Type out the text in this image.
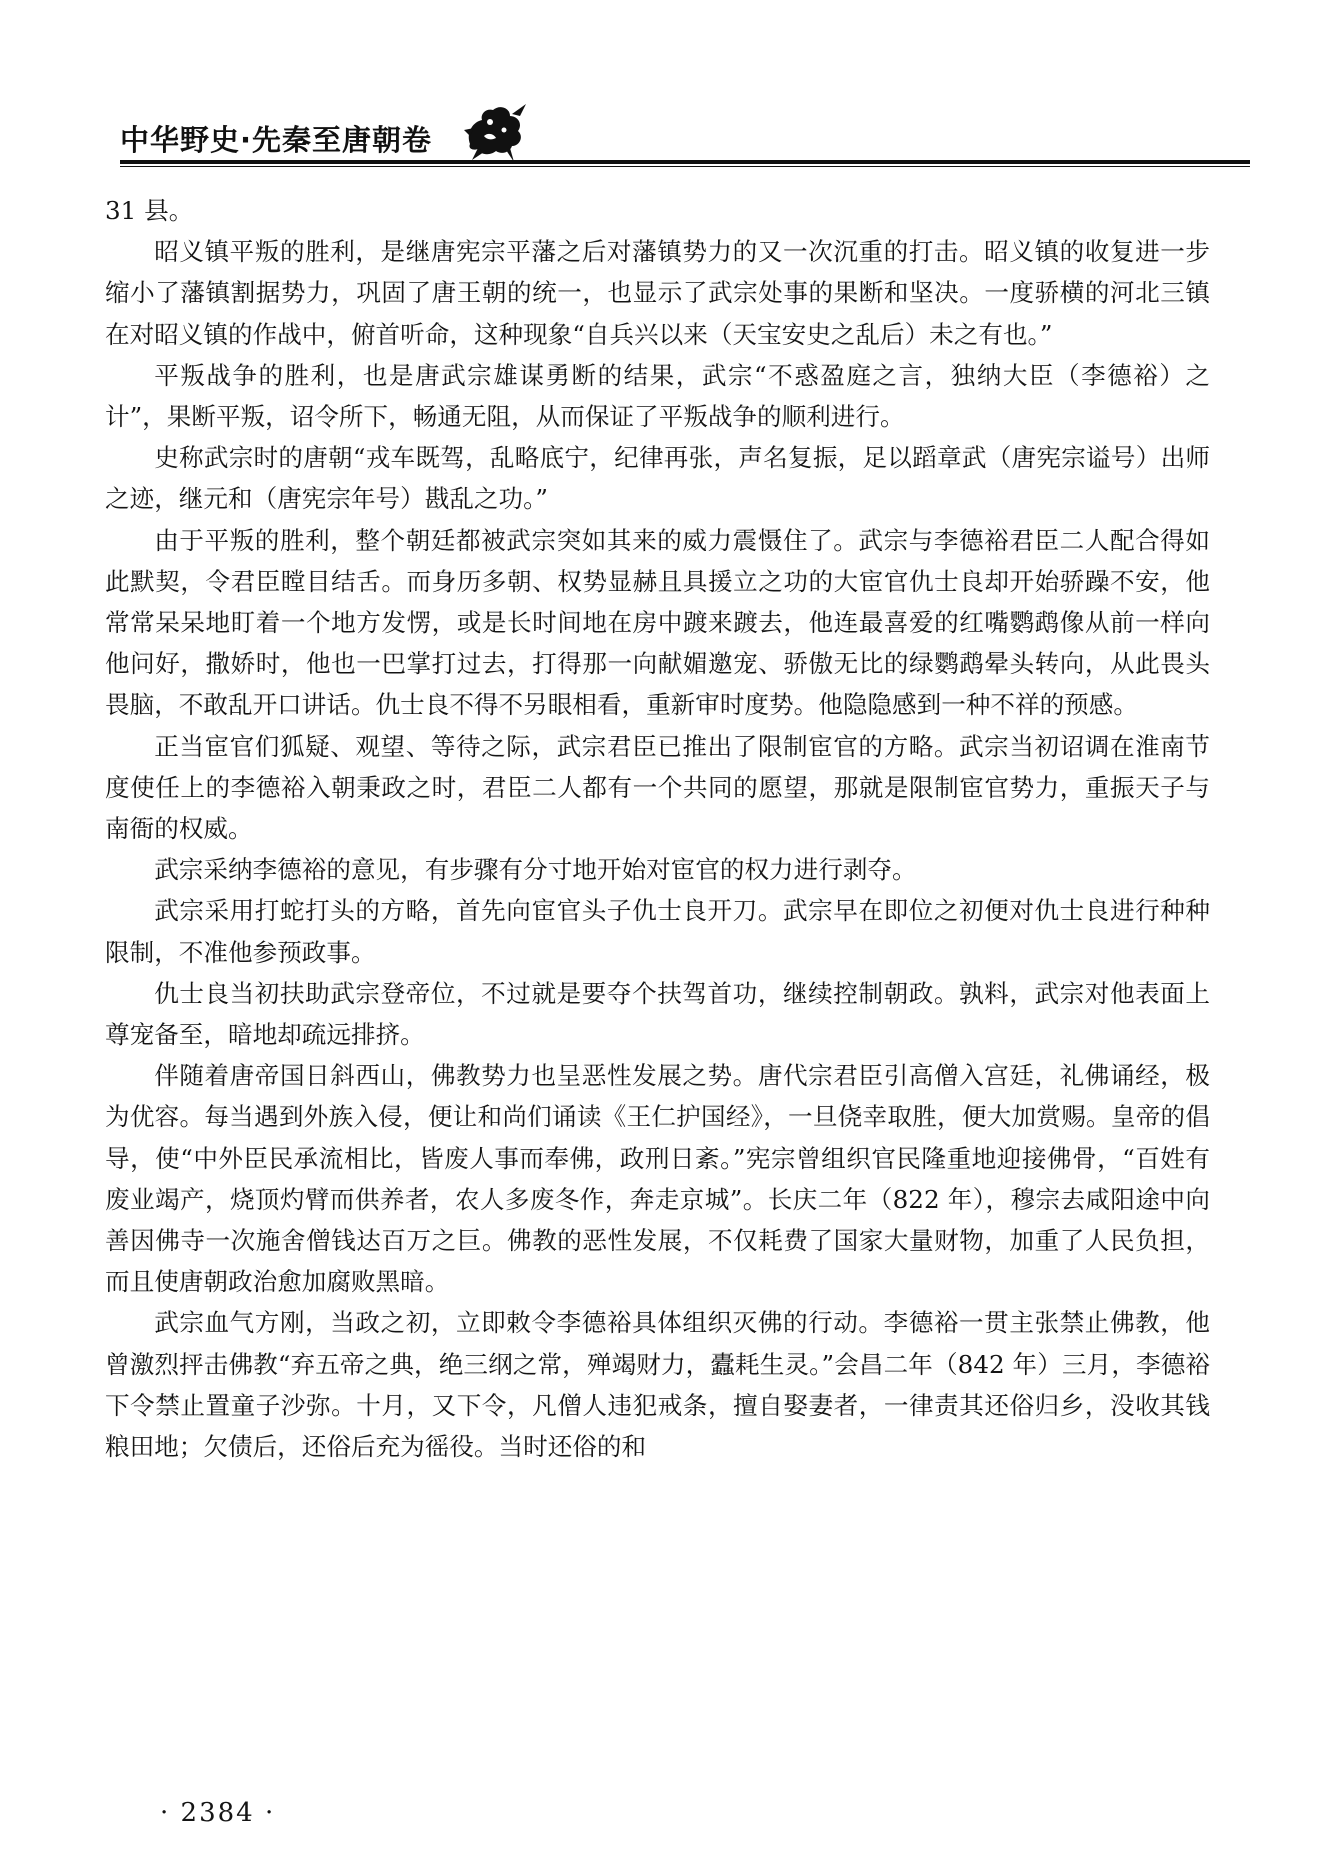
中华野史·先秦至唐朝卷

31 县。

昭义镇平叛的胜利，是继唐宪宗平藩之后对藩镇势力的又一次沉重的打击。昭义镇的收复进一步缩小了藩镇割据势力，巩固了唐王朝的统一，也显示了武宗处事的果断和坚决。一度骄横的河北三镇在对昭义镇的作战中，俯首听命，这种现象“自兵兴以来（天宝安史之乱后）未之有也。”

平叛战争的胜利，也是唐武宗雄谋勇断的结果，武宗“不惑盈庭之言，独纳大臣（李德裕）之计”，果断平叛，诏令所下，畅通无阻，从而保证了平叛战争的顺利进行。

史称武宗时的唐朝“戎车既驾，乱略底宁，纪律再张，声名复振，足以蹈章武（唐宪宗谥号）出师之迹，继元和（唐宪宗年号）戡乱之功。”

由于平叛的胜利，整个朝廷都被武宗突如其来的威力震慑住了。武宗与李德裕君臣二人配合得如此默契，令君臣瞠目结舌。而身历多朝、权势显赫且具援立之功的大宦官仇士良却开始骄躁不安，他常常呆呆地盯着一个地方发愣，或是长时间地在房中踱来踱去，他连最喜爱的红嘴鹦鹉像从前一样向他问好，撒娇时，他也一巴掌打过去，打得那一向献媚邀宠、骄傲无比的绿鹦鹉晕头转向，从此畏头畏脑，不敢乱开口讲话。仇士良不得不另眼相看，重新审时度势。他隐隐感到一种不祥的预感。

正当宦官们狐疑、观望、等待之际，武宗君臣已推出了限制宦官的方略。武宗当初诏调在淮南节度使任上的李德裕入朝秉政之时，君臣二人都有一个共同的愿望，那就是限制宦官势力，重振天子与南衙的权威。

武宗采纳李德裕的意见，有步骤有分寸地开始对宦官的权力进行剥夺。

武宗采用打蛇打头的方略，首先向宦官头子仇士良开刀。武宗早在即位之初便对仇士良进行种种限制，不准他参预政事。

仇士良当初扶助武宗登帝位，不过就是要夺个扶驾首功，继续控制朝政。孰料，武宗对他表面上尊宠备至，暗地却疏远排挤。

伴随着唐帝国日斜西山，佛教势力也呈恶性发展之势。唐代宗君臣引高僧入宫廷，礼佛诵经，极为优容。每当遇到外族入侵，便让和尚们诵读《王仁护国经》，一旦侥幸取胜，便大加赏赐。皇帝的倡导，使“中外臣民承流相比，皆废人事而奉佛，政刑日紊。”宪宗曾组织官民隆重地迎接佛骨，“百姓有废业竭产，烧顶灼臂而供养者，农人多废冬作，奔走京城”。长庆二年（822 年），穆宗去咸阳途中向善因佛寺一次施舍僧钱达百万之巨。佛教的恶性发展，不仅耗费了国家大量财物，加重了人民负担，而且使唐朝政治愈加腐败黑暗。

武宗血气方刚，当政之初，立即敕令李德裕具体组织灭佛的行动。李德裕一贯主张禁止佛教，他曾激烈抨击佛教“弃五帝之典，绝三纲之常，殚竭财力，蠹耗生灵。”会昌二年（842 年）三月，李德裕下令禁止置童子沙弥。十月，又下令，凡僧人违犯戒条，擅自娶妻者，一律责其还俗归乡，没收其钱粮田地；欠债后，还俗后充为徭役。当时还俗的和

· 2384 ·
